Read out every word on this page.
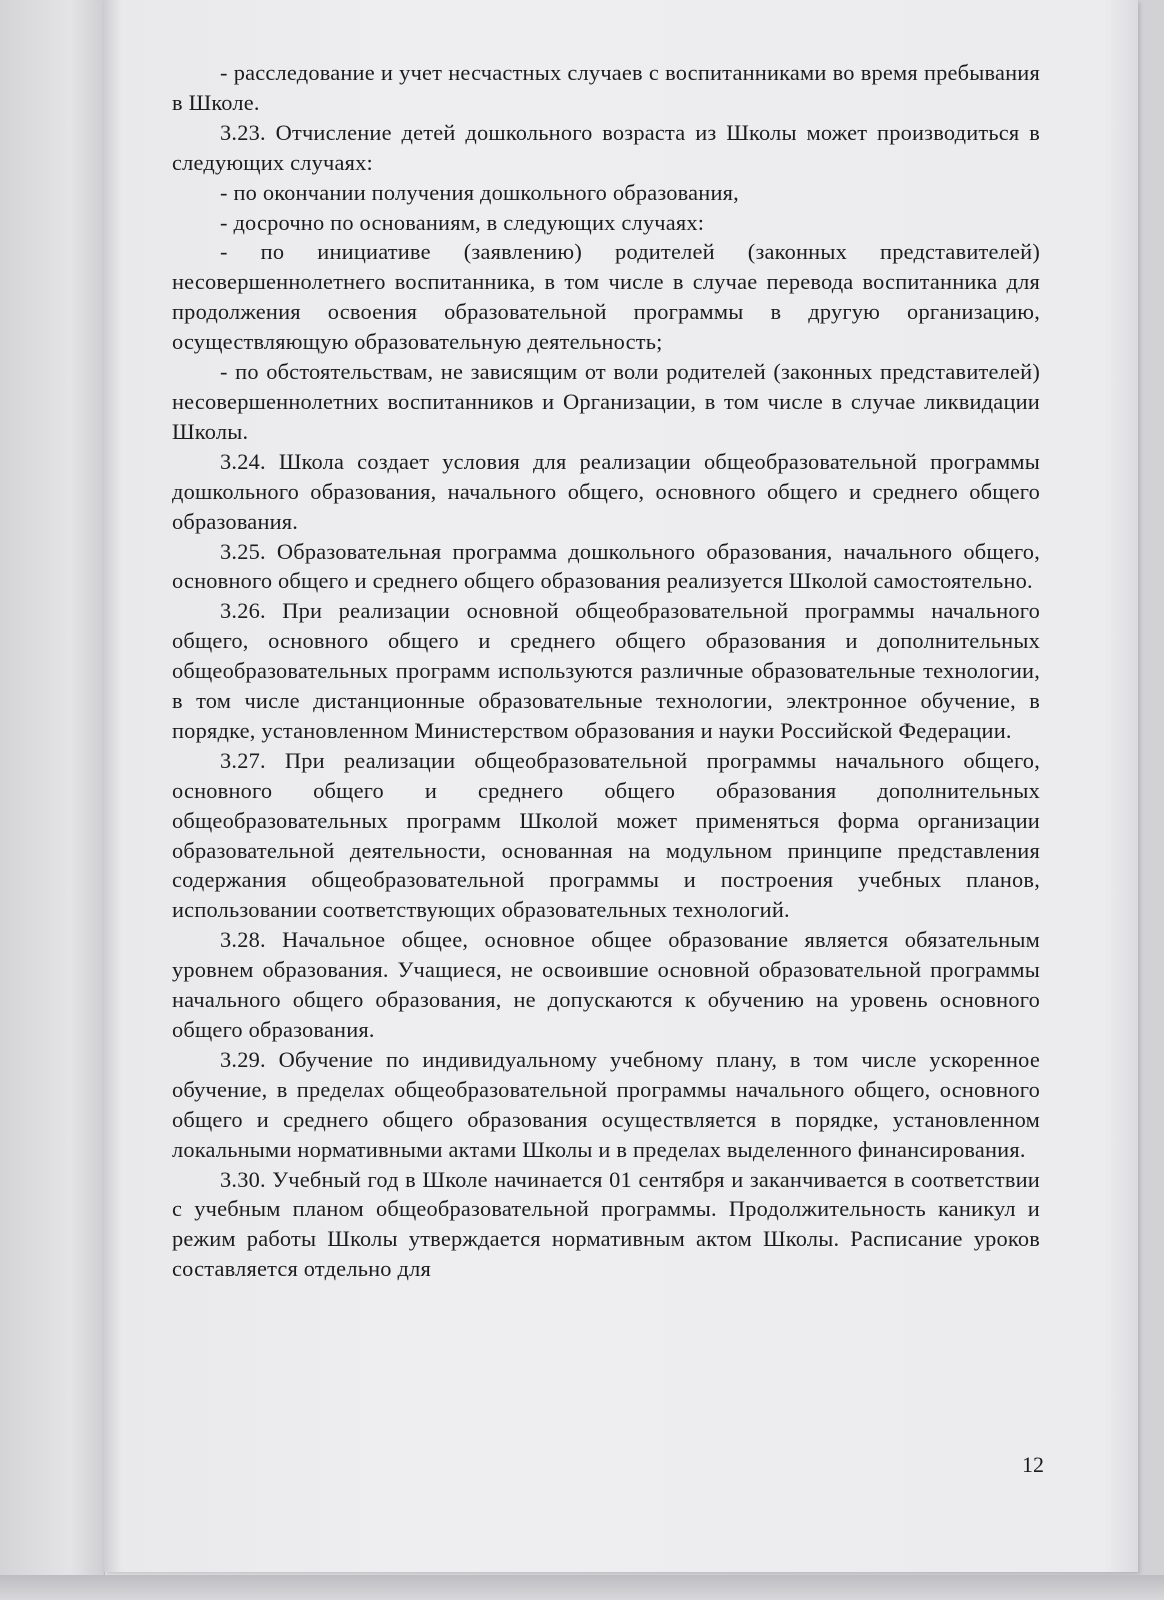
- расследование и учет несчастных случаев с воспитанниками во время пребывания в Школе.

3.23. Отчисление детей дошкольного возраста из Школы может производиться в следующих случаях:

- по окончании получения дошкольного образования,

- досрочно по основаниям, в следующих случаях:

- по инициативе (заявлению) родителей (законных представителей) несовершеннолетнего воспитанника, в том числе в случае перевода воспитанника для продолжения освоения образовательной программы в другую организацию, осуществляющую образовательную деятельность;

- по обстоятельствам, не зависящим от воли родителей (законных представителей) несовершеннолетних воспитанников и Организации, в том числе в случае ликвидации Школы.

3.24. Школа создает условия для реализации общеобразовательной программы дошкольного образования, начального общего, основного общего и среднего общего образования.

3.25. Образовательная программа дошкольного образования, начального общего, основного общего и среднего общего образования реализуется Школой самостоятельно.

3.26. При реализации основной общеобразовательной программы начального общего, основного общего и среднего общего образования и дополнительных общеобразовательных программ используются различные образовательные технологии, в том числе дистанционные образовательные технологии, электронное обучение, в порядке, установленном Министерством образования и науки Российской Федерации.

3.27. При реализации общеобразовательной программы начального общего, основного общего и среднего общего образования дополнительных общеобразовательных программ Школой может применяться форма организации образовательной деятельности, основанная на модульном принципе представления содержания общеобразовательной программы и построения учебных планов, использовании соответствующих образовательных технологий.

3.28. Начальное общее, основное общее образование является обязательным уровнем образования. Учащиеся, не освоившие основной образовательной программы начального общего образования, не допускаются к обучению на уровень основного общего образования.

3.29. Обучение по индивидуальному учебному плану, в том числе ускоренное обучение, в пределах общеобразовательной программы начального общего, основного общего и среднего общего образования осуществляется в порядке, установленном локальными нормативными актами Школы и в пределах выделенного финансирования.

3.30. Учебный год в Школе начинается 01 сентября и заканчивается в соответствии с учебным планом общеобразовательной программы. Продолжительность каникул и режим работы Школы утверждается нормативным актом Школы. Расписание уроков составляется отдельно для

12
